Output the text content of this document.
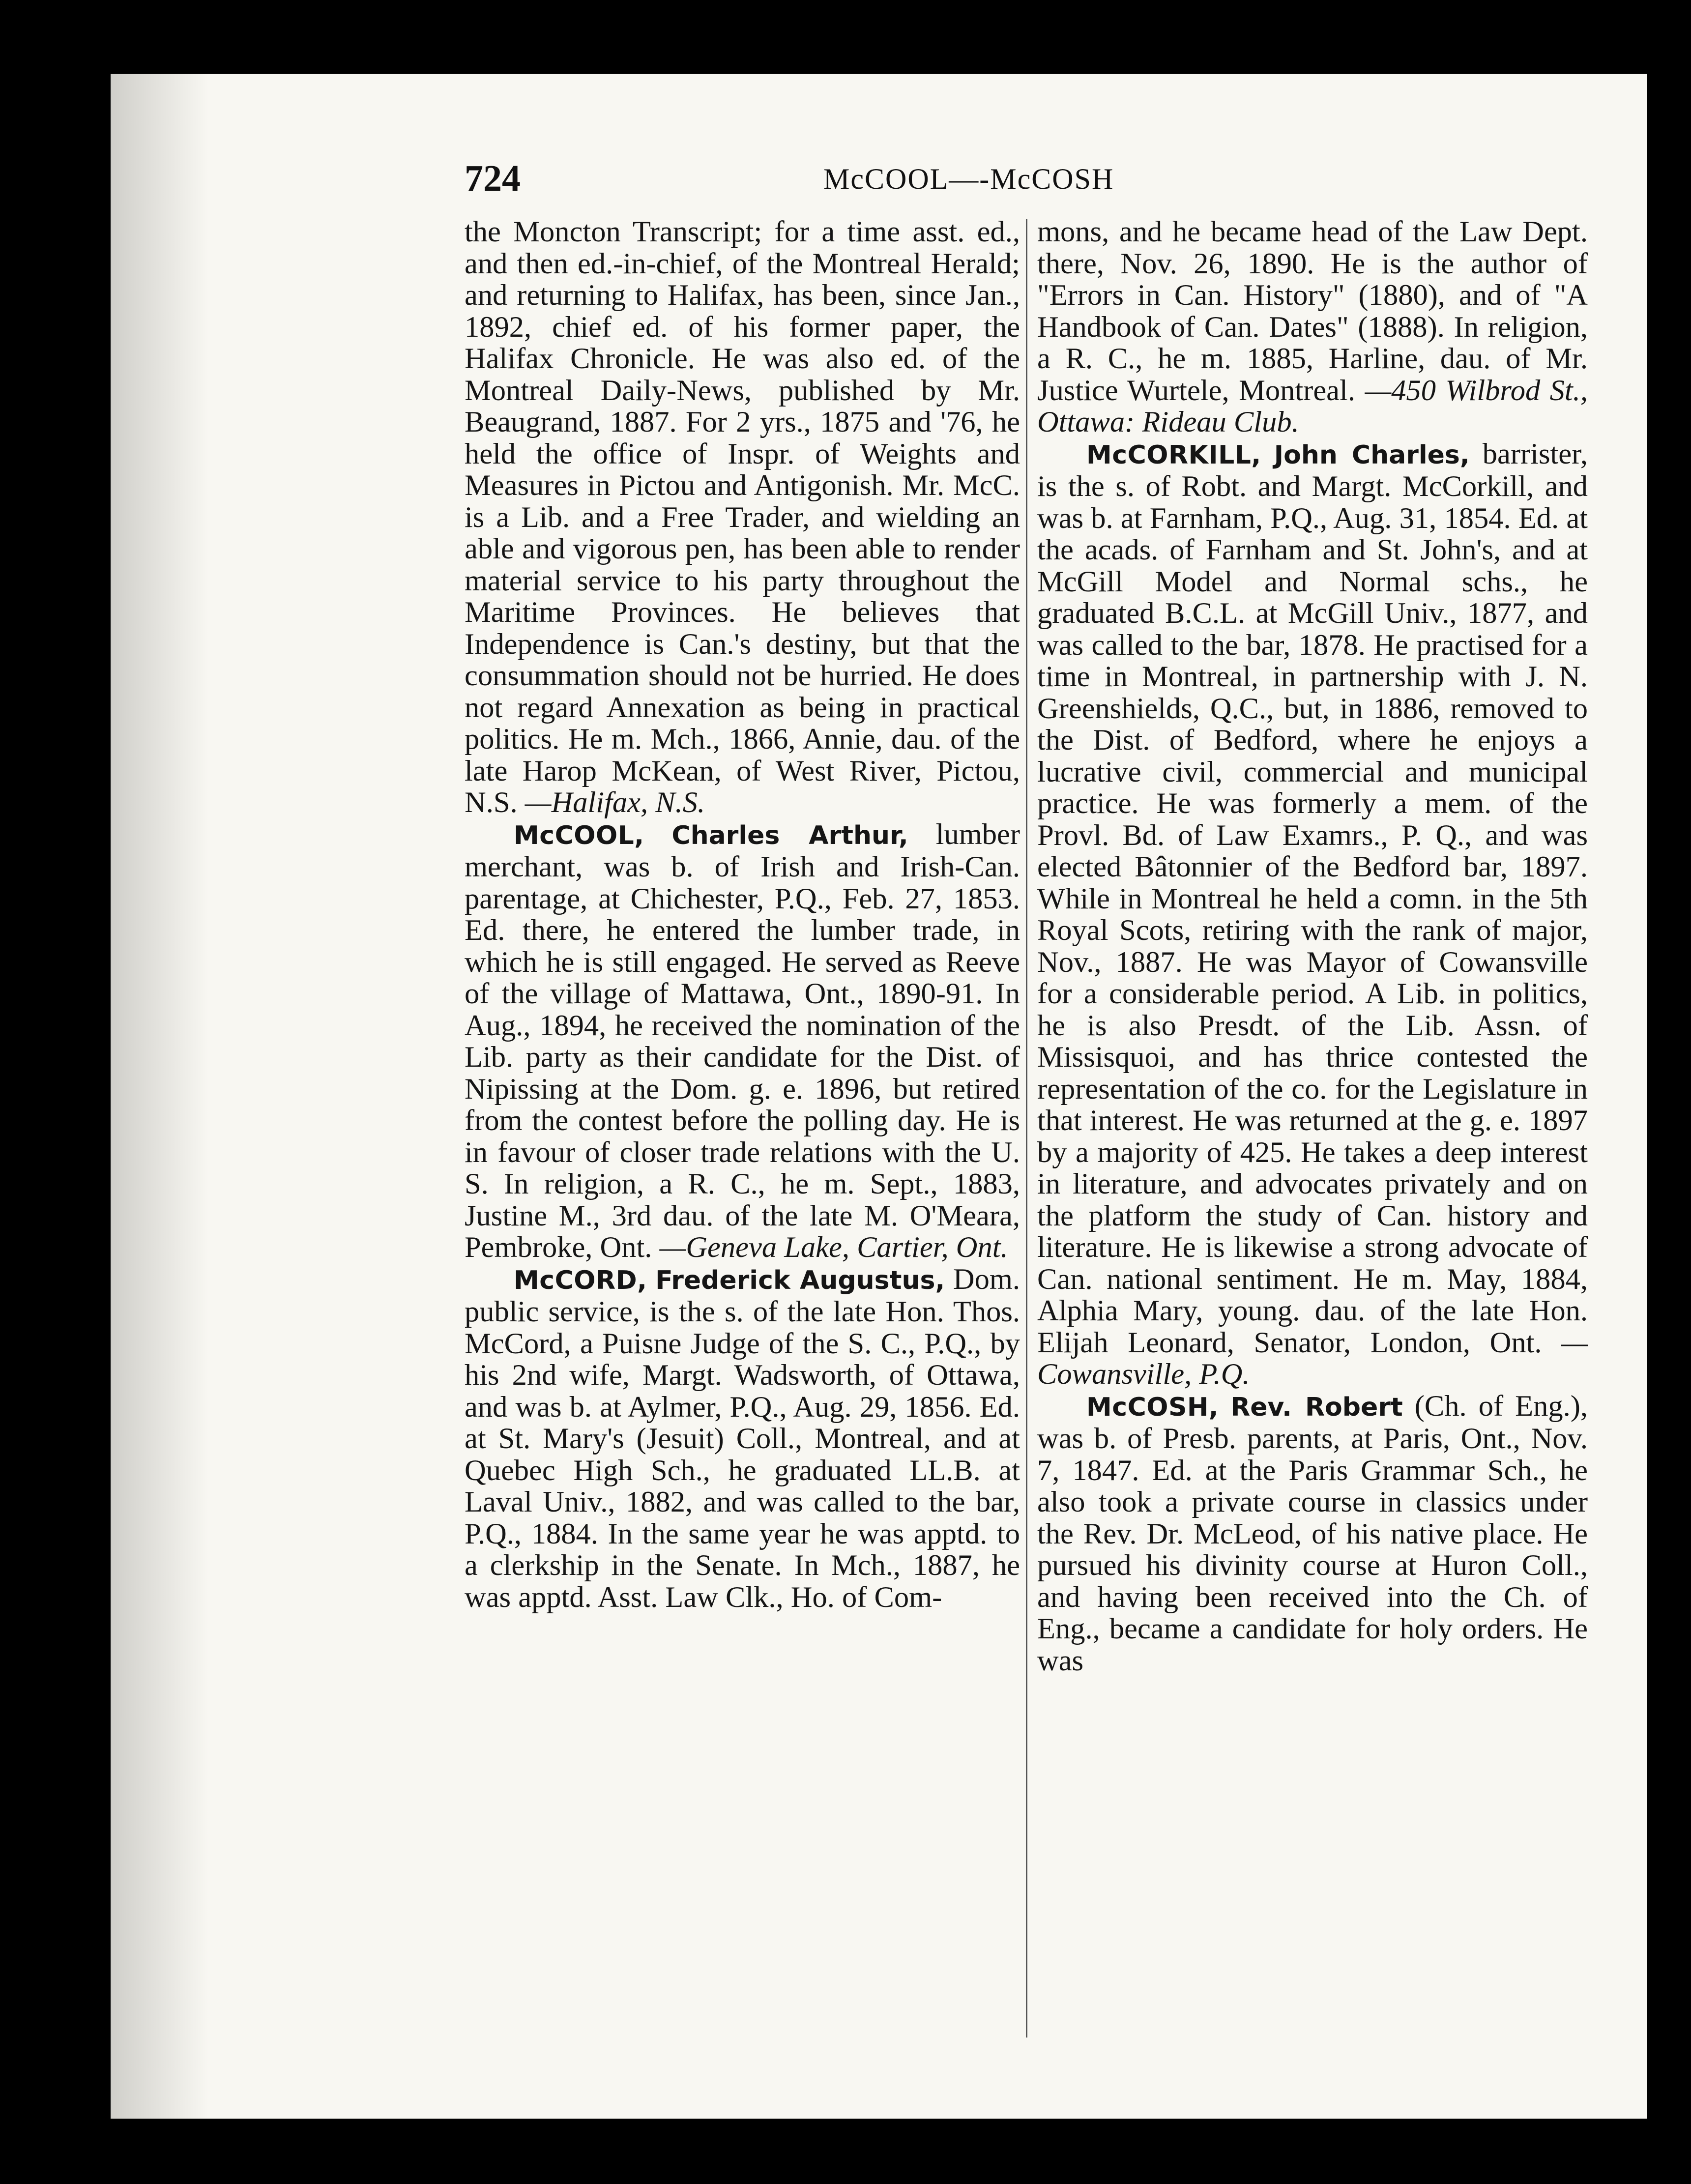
724	McCOOL—-McCOSH

the Moncton Transcript; for a time asst. ed., and then ed.-in-chief, of the Montreal Herald; and returning to Halifax, has been, since Jan., 1892, chief ed. of his former paper, the Halifax Chronicle. He was also ed. of the Montreal Daily-News, published by Mr. Beaugrand, 1887. For 2 yrs., 1875 and '76, he held the office of Inspr. of Weights and Measures in Pictou and Antigonish. Mr. McC. is a Lib. and a Free Trader, and wielding an able and vigorous pen, has been able to render material service to his party throughout the Maritime Provinces. He believes that Independence is Can.'s destiny, but that the consummation should not be hurried. He does not regard Annexation as being in practical politics. He m. Mch., 1866, Annie, dau. of the late Harop McKean, of West River, Pictou, N.S. —Halifax, N.S.

McCOOL, Charles Arthur, lumber merchant, was b. of Irish and Irish-Can. parentage, at Chichester, P.Q., Feb. 27, 1853. Ed. there, he entered the lumber trade, in which he is still engaged. He served as Reeve of the village of Mattawa, Ont., 1890-91. In Aug., 1894, he received the nomination of the Lib. party as their candidate for the Dist. of Nipissing at the Dom. g. e. 1896, but retired from the contest before the polling day. He is in favour of closer trade relations with the U. S. In religion, a R. C., he m. Sept., 1883, Justine M., 3rd dau. of the late M. O'Meara, Pembroke, Ont. —Geneva Lake, Cartier, Ont.

McCORD, Frederick Augustus, Dom. public service, is the s. of the late Hon. Thos. McCord, a Puisne Judge of the S. C., P.Q., by his 2nd wife, Margt. Wadsworth, of Ottawa, and was b. at Aylmer, P.Q., Aug. 29, 1856. Ed. at St. Mary's (Jesuit) Coll., Montreal, and at Quebec High Sch., he graduated LL.B. at Laval Univ., 1882, and was called to the bar, P.Q., 1884. In the same year he was apptd. to a clerkship in the Senate. In Mch., 1887, he was apptd. Asst. Law Clk., Ho. of Com-

mons, and he became head of the Law Dept. there, Nov. 26, 1890. He is the author of "Errors in Can. History" (1880), and of "A Handbook of Can. Dates" (1888). In religion, a R. C., he m. 1885, Harline, dau. of Mr. Justice Wurtele, Montreal. —450 Wilbrod St., Ottawa: Rideau Club.

McCORKILL, John Charles, barrister, is the s. of Robt. and Margt. McCorkill, and was b. at Farnham, P.Q., Aug. 31, 1854. Ed. at the acads. of Farnham and St. John's, and at McGill Model and Normal schs., he graduated B.C.L. at McGill Univ., 1877, and was called to the bar, 1878. He practised for a time in Montreal, in partnership with J. N. Greenshields, Q.C., but, in 1886, removed to the Dist. of Bedford, where he enjoys a lucrative civil, commercial and municipal practice. He was formerly a mem. of the Provl. Bd. of Law Examrs., P. Q., and was elected Bâtonnier of the Bedford bar, 1897. While in Montreal he held a comn. in the 5th Royal Scots, retiring with the rank of major, Nov., 1887. He was Mayor of Cowansville for a considerable period. A Lib. in politics, he is also Presdt. of the Lib. Assn. of Missisquoi, and has thrice contested the representation of the co. for the Legislature in that interest. He was returned at the g. e. 1897 by a majority of 425. He takes a deep interest in literature, and advocates privately and on the platform the study of Can. history and literature. He is likewise a strong advocate of Can. national sentiment. He m. May, 1884, Alphia Mary, young. dau. of the late Hon. Elijah Leonard, Senator, London, Ont. —Cowansville, P.Q.

McCOSH, Rev. Robert (Ch. of Eng.), was b. of Presb. parents, at Paris, Ont., Nov. 7, 1847. Ed. at the Paris Grammar Sch., he also took a private course in classics under the Rev. Dr. McLeod, of his native place. He pursued his divinity course at Huron Coll., and having been received into the Ch. of Eng., became a candidate for holy orders. He was
